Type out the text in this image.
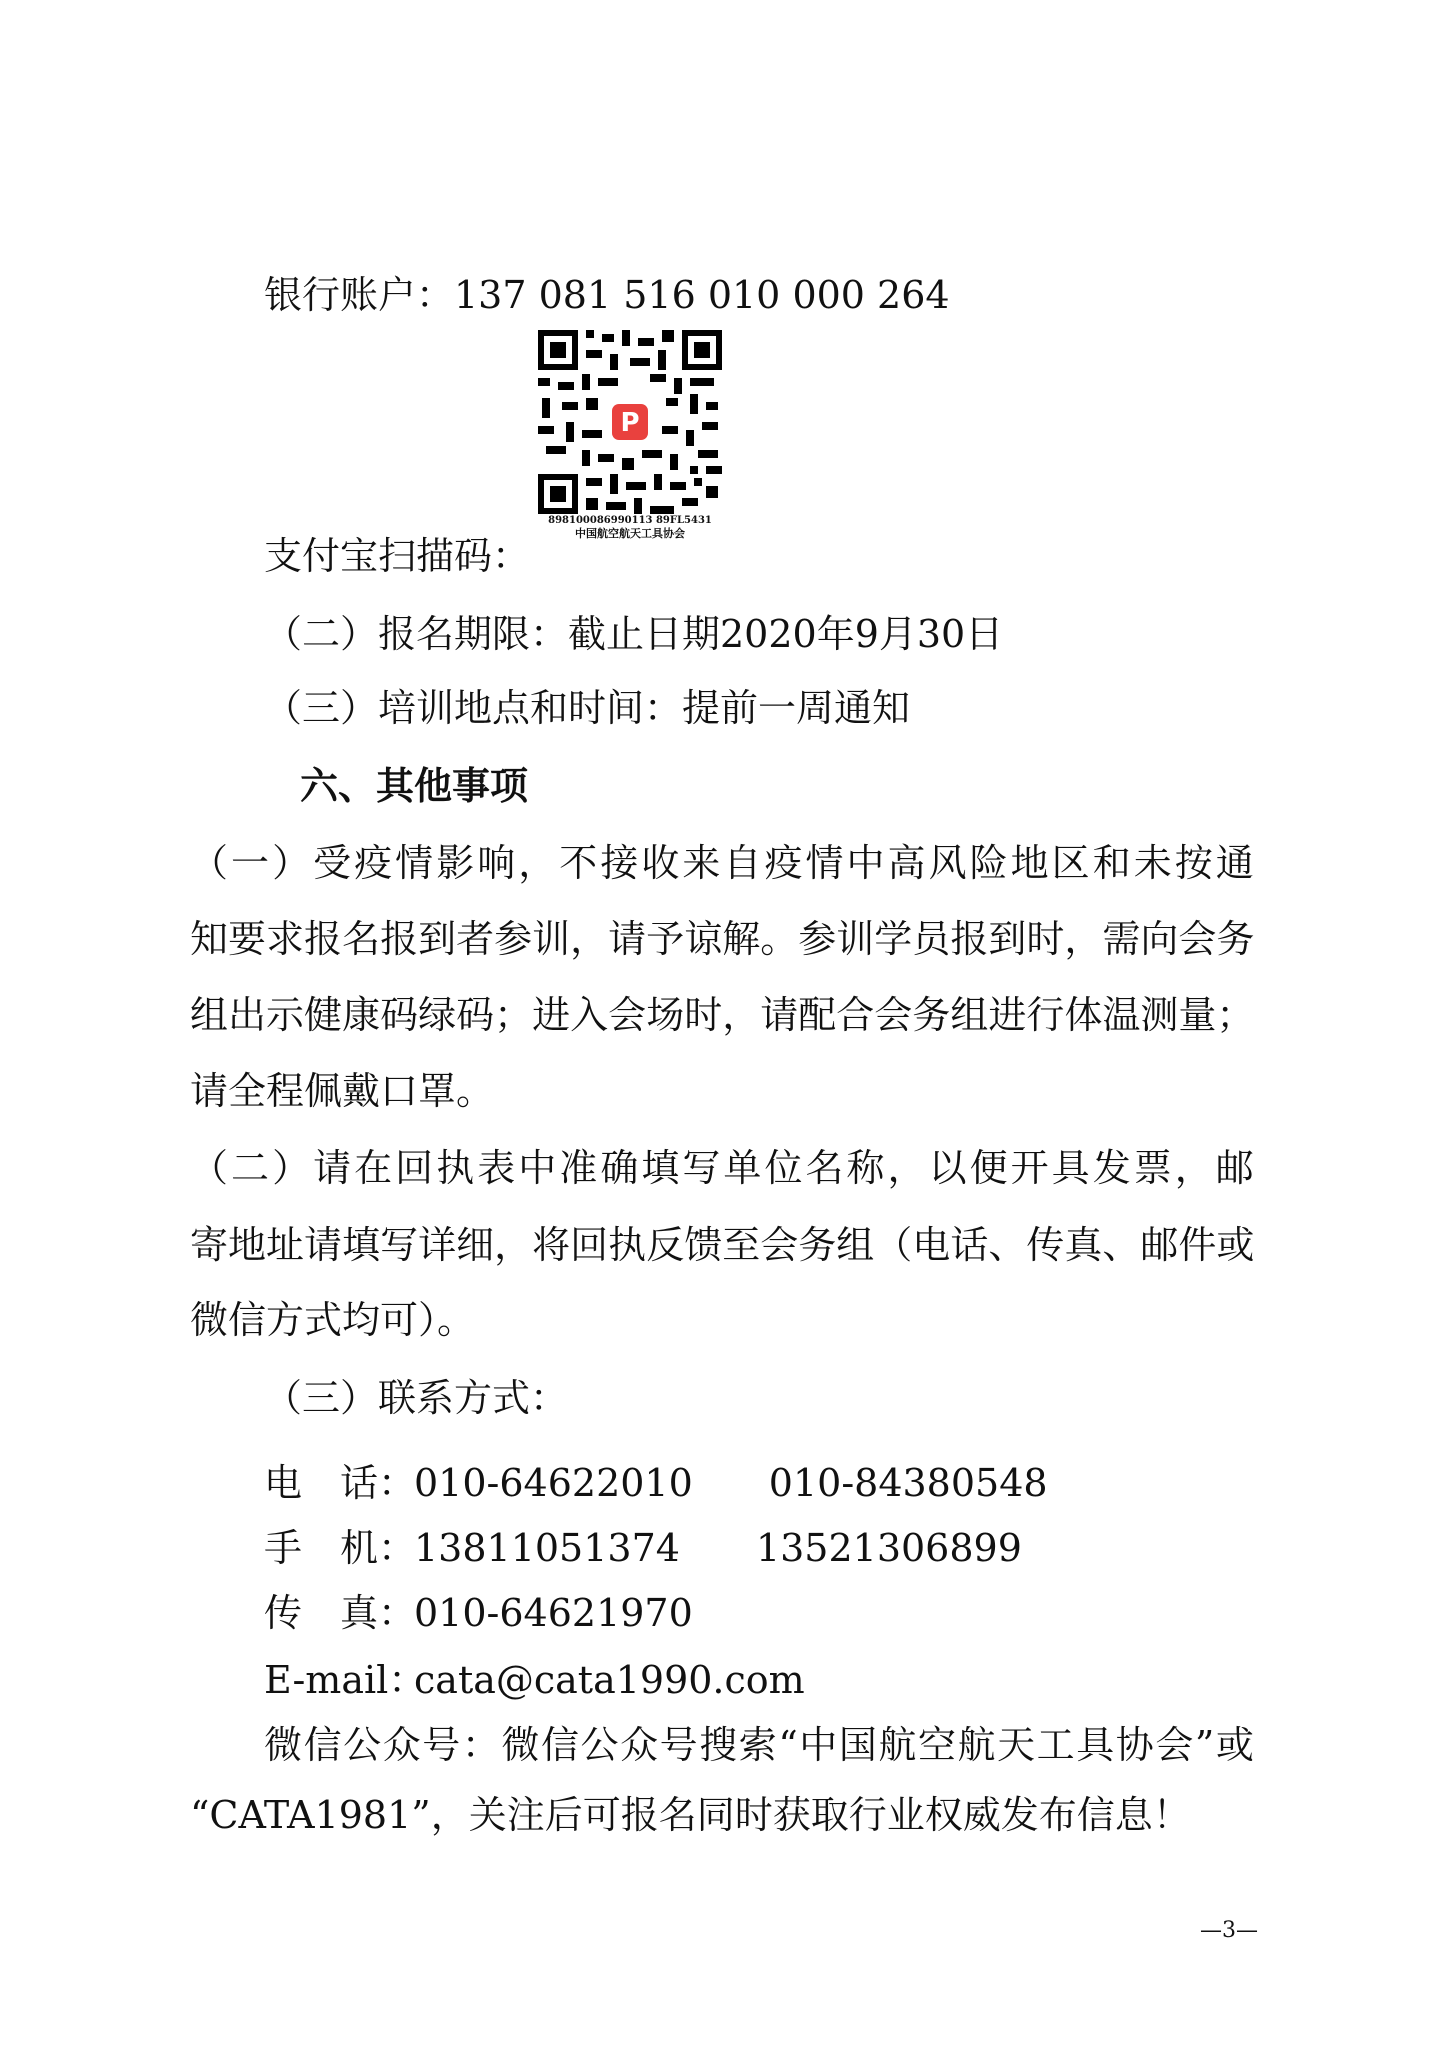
银行账户：137 081 516 010 000 264
P
898100086990113 89FL5431
中国航空航天工具协会
支付宝扫描码：
（二）报名期限：截止日期2020年9月30日
（三）培训地点和时间：提前一周通知
六、其他事项
（ 一 ） 受 疫 情 影 响 ， 不 接 收 来 自 疫 情 中 高 风 险 地 区 和 未 按 通
知 要 求 报 名 报 到 者 参 训 ， 请 予 谅 解 。 参 训 学 员 报 到 时 ， 需 向 会 务
组 出 示 健 康 码 绿 码 ； 进 入 会 场 时 ， 请 配 合 会 务 组 进 行 体 温 测 量 ；
请全程佩戴口罩。
（ 二 ） 请 在 回 执 表 中 准 确 填 写 单 位 名 称 ， 以 便 开 具 发 票 ， 邮
寄 地 址 请 填 写 详 细 ， 将 回 执 反 馈 至 会 务 组 （ 电 话 、 传 真 、 邮 件 或
微信方式均可）。
（三）联系方式：
电　话：010-64622010　　010-84380548
手　机：13811051374　　13521306899
传　真：010-64621970
E-mail：cata@cata1990.com
微 信 公 众 号 ： 微 信 公 众 号 搜 索 “ 中 国 航 空 航 天 工 具 协 会 ” 或
“CATA1981”，关注后可报名同时获取行业权威发布信息！
—3—
